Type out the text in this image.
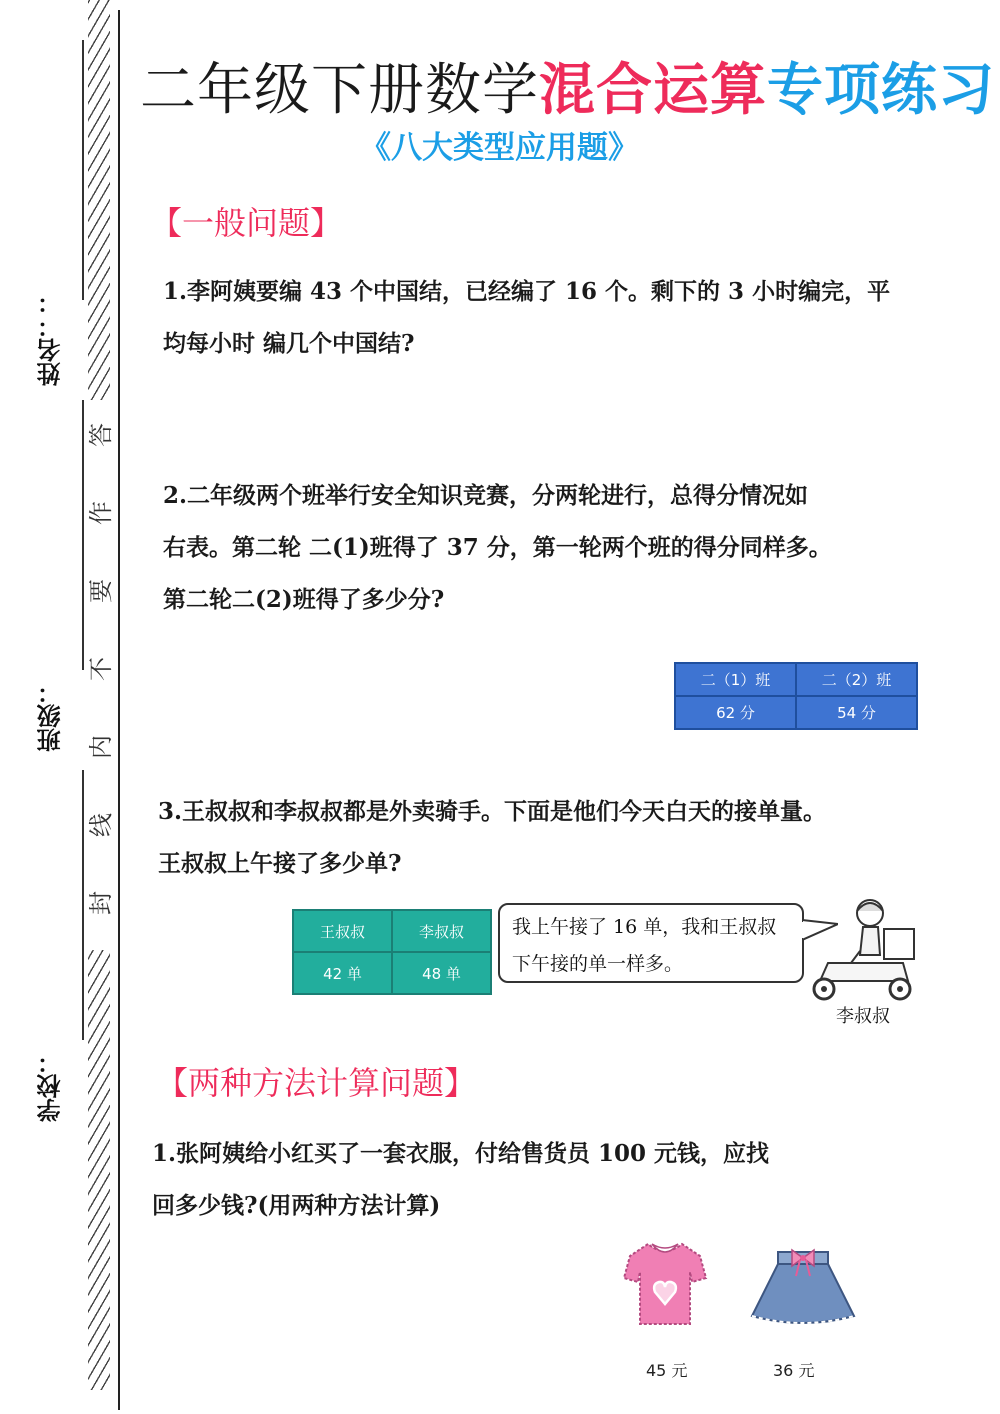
答
作
要
不
内
线
封
姓名：：
班级：
学校：
二年级下册数学混合运算专项练习
《八大类型应用题》
【一般问题】
1.李阿姨要编 43 个中国结，已经编了 16 个。剩下的 3 小时编完，平
均每小时 编几个中国结?
2.二年级两个班举行安全知识竞赛，分两轮进行，总得分情况如
右表。第二轮 二(1)班得了 37 分，第一轮两个班的得分同样多。
第二轮二(2)班得了多少分?
二（1）班	二（2）班
62 分	54 分
3.王叔叔和李叔叔都是外卖骑手。下面是他们今天白天的接单量。
王叔叔上午接了多少单?
王叔叔	李叔叔
42 单	48 单
我上午接了 16 单，我和王叔叔
下午接的单一样多。
李叔叔
【两种方法计算问题】
1.张阿姨给小红买了一套衣服，付给售货员 100 元钱，应找
回多少钱?(用两种方法计算)
45 元	36 元
